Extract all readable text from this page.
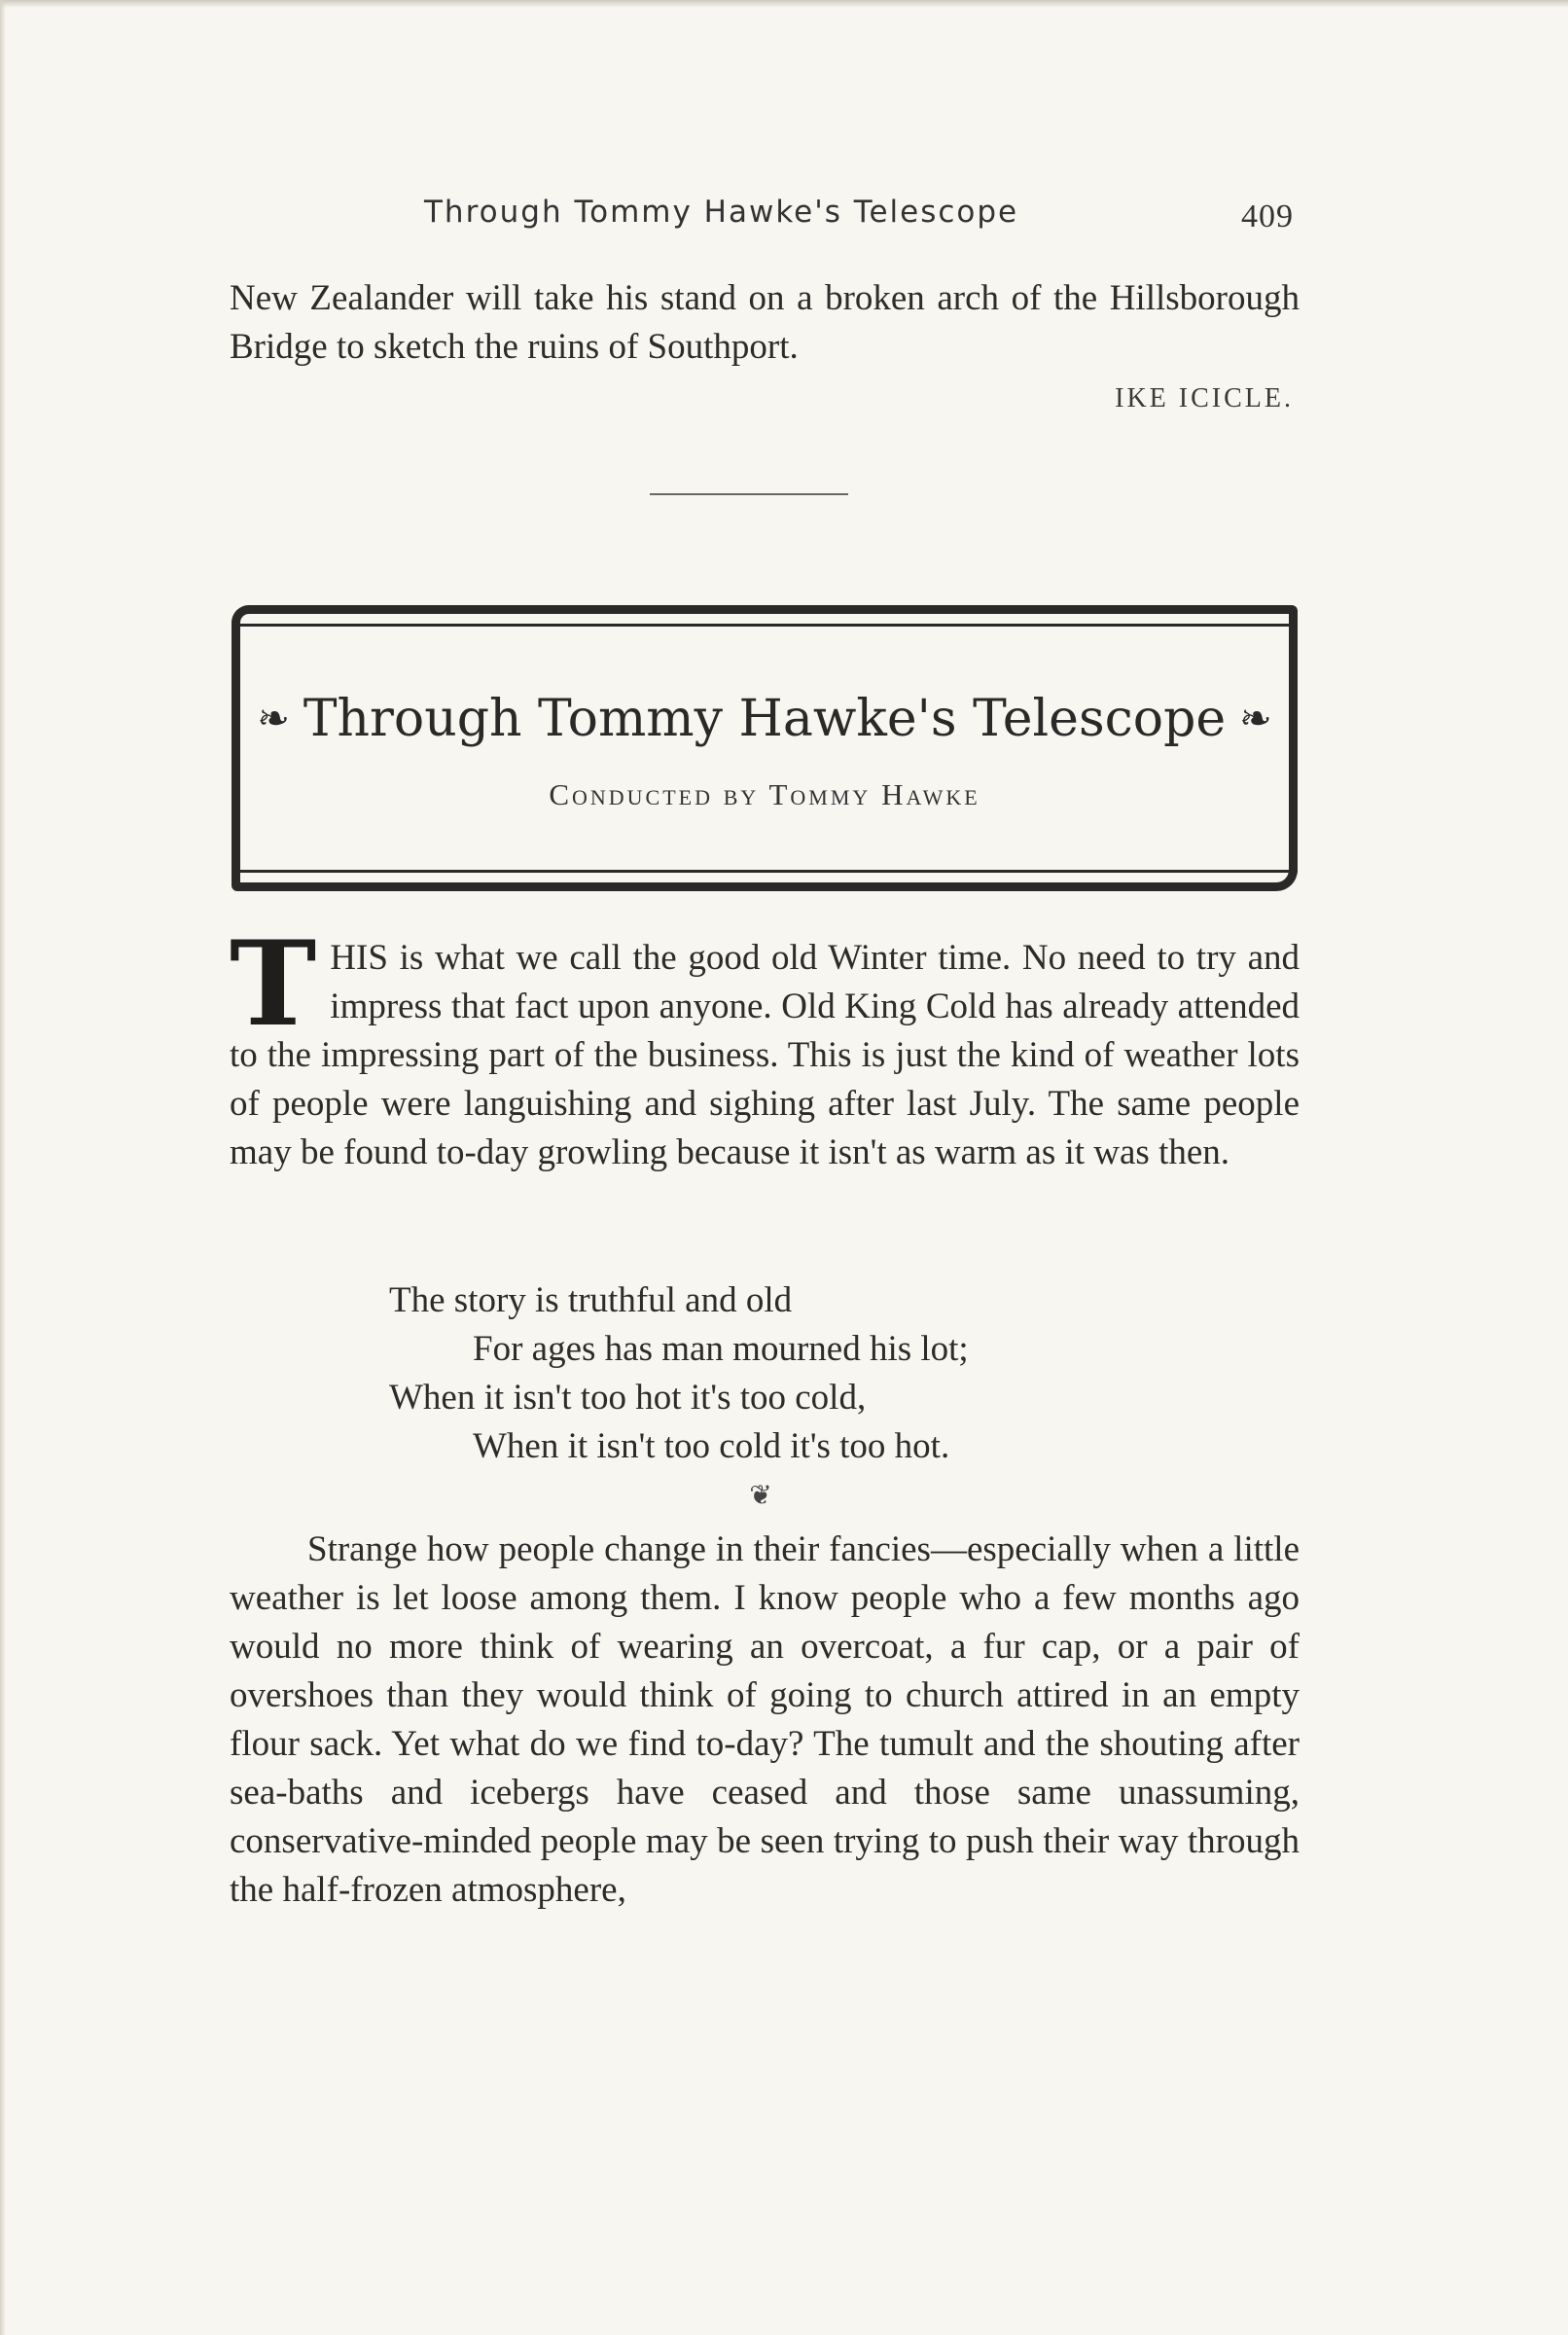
Through Tommy Hawke's Telescope	409

New Zealander will take his stand on a broken arch of the Hillsborough Bridge to sketch the ruins of Southport.

IKE ICICLE.
❧ Through Tommy Hawke's Telescope ❧
Conducted by Tommy Hawke

THIS is what we call the good old Winter time. No need to try and impress that fact upon anyone. Old King Cold has already attended to the impressing part of the business. This is just the kind of weather lots of people were languishing and sighing after last July. The same people may be found to-day growling because it isn't as warm as it was then.

The story is truthful and old
For ages has man mourned his lot;
When it isn't too hot it's too cold,
When it isn't too cold it's too hot.
❦

Strange how people change in their fancies—especially when a little weather is let loose among them. I know people who a few months ago would no more think of wearing an overcoat, a fur cap, or a pair of overshoes than they would think of going to church attired in an empty flour sack. Yet what do we find to-day? The tumult and the shouting after sea-baths and icebergs have ceased and those same unassuming, conservative-minded people may be seen trying to push their way through the half-frozen atmosphere,
